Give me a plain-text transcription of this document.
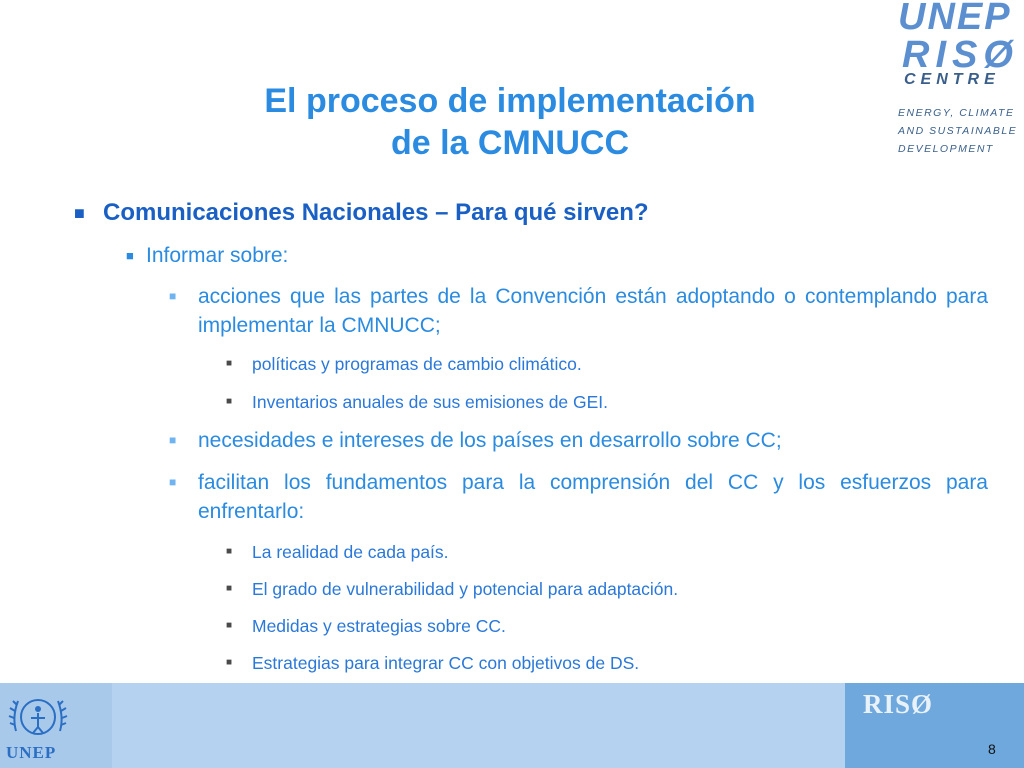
UNEP
RISØ
CENTRE
ENERGY, CLIMATE
AND SUSTAINABLE
DEVELOPMENT
El proceso de implementación
de la CMNUCC
■ Comunicaciones Nacionales – Para qué sirven?
■ Informar sobre:
■ acciones que las partes de la Convención están adoptando o contemplando para implementar la CMNUCC;
■ políticas y programas de cambio climático.
■ Inventarios anuales de sus emisiones de GEI.
■ necesidades e intereses de los países en desarrollo sobre CC;
■ facilitan los fundamentos para la comprensión del CC y los esfuerzos para enfrentarlo:
■ La realidad de cada país.
■ El grado de vulnerabilidad y potencial para adaptación.
■ Medidas y estrategias sobre CC.
■ Estrategias para integrar CC con objetivos de DS.
UNEP
RISØ
8
